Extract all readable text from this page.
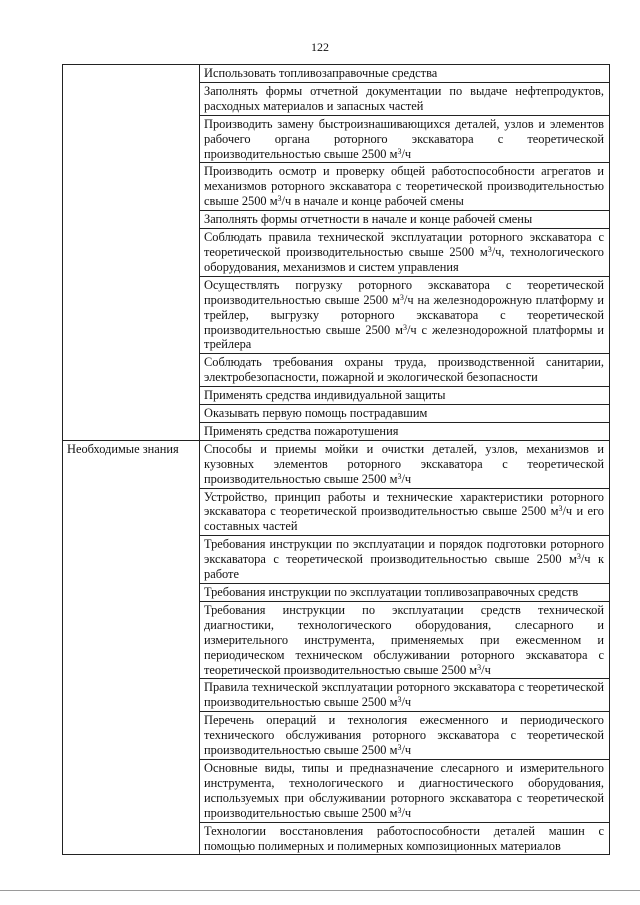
122
	Использовать топливозаправочные средства
	Заполнять формы отчетной документации по выдаче нефтепродуктов, расходных материалов и запасных частей
	Производить замену быстроизнашивающихся деталей, узлов и элементов рабочего органа роторного экскаватора с теоретической производительностью свыше 2500 $м^3/ч$
	Производить осмотр и проверку общей работоспособности агрегатов и механизмов роторного экскаватора с теоретической производительностью свыше 2500 $м^3/ч$ в начале и конце рабочей смены
	Заполнять формы отчетности в начале и конце рабочей смены
	Соблюдать правила технической эксплуатации роторного экскаватора с теоретической производительностью свыше 2500 $м^3/ч$, технологического оборудования, механизмов и систем управления
	Осуществлять погрузку роторного экскаватора с теоретической производительностью свыше 2500 $м^3/ч$ на железнодорожную платформу и трейлер, выгрузку роторного экскаватора с теоретической производительностью свыше 2500 $м^3/ч$ с железнодорожной платформы и трейлера
	Соблюдать требования охраны труда, производственной санитарии, электробезопасности, пожарной и экологической безопасности
	Применять средства индивидуальной защиты
	Оказывать первую помощь пострадавшим
	Применять средства пожаротушения
Необходимые знания	Способы и приемы мойки и очистки деталей, узлов, механизмов и кузовных элементов роторного экскаватора с теоретической производительностью свыше 2500 $м^3/ч$
	Устройство, принцип работы и технические характеристики роторного экскаватора с теоретической производительностью свыше 2500 $м^3/ч$ и его составных частей
	Требования инструкции по эксплуатации и порядок подготовки роторного экскаватора с теоретической производительностью свыше 2500 $м^3/ч$ к работе
	Требования инструкции по эксплуатации топливозаправочных средств
	Требования инструкции по эксплуатации средств технической диагностики, технологического оборудования, слесарного и измерительного инструмента, применяемых при ежесменном и периодическом техническом обслуживании роторного экскаватора с теоретической производительностью свыше 2500 $м^3/ч$
	Правила технической эксплуатации роторного экскаватора с теоретической производительностью свыше 2500 $м^3/ч$
	Перечень операций и технология ежесменного и периодического технического обслуживания роторного экскаватора с теоретической производительностью свыше 2500 $м^3/ч$
	Основные виды, типы и предназначение слесарного и измерительного инструмента, технологического и диагностического оборудования, используемых при обслуживании роторного экскаватора с теоретической производительностью свыше 2500 $м^3/ч$
	Технологии восстановления работоспособности деталей машин с помощью полимерных и полимерных композиционных материалов
